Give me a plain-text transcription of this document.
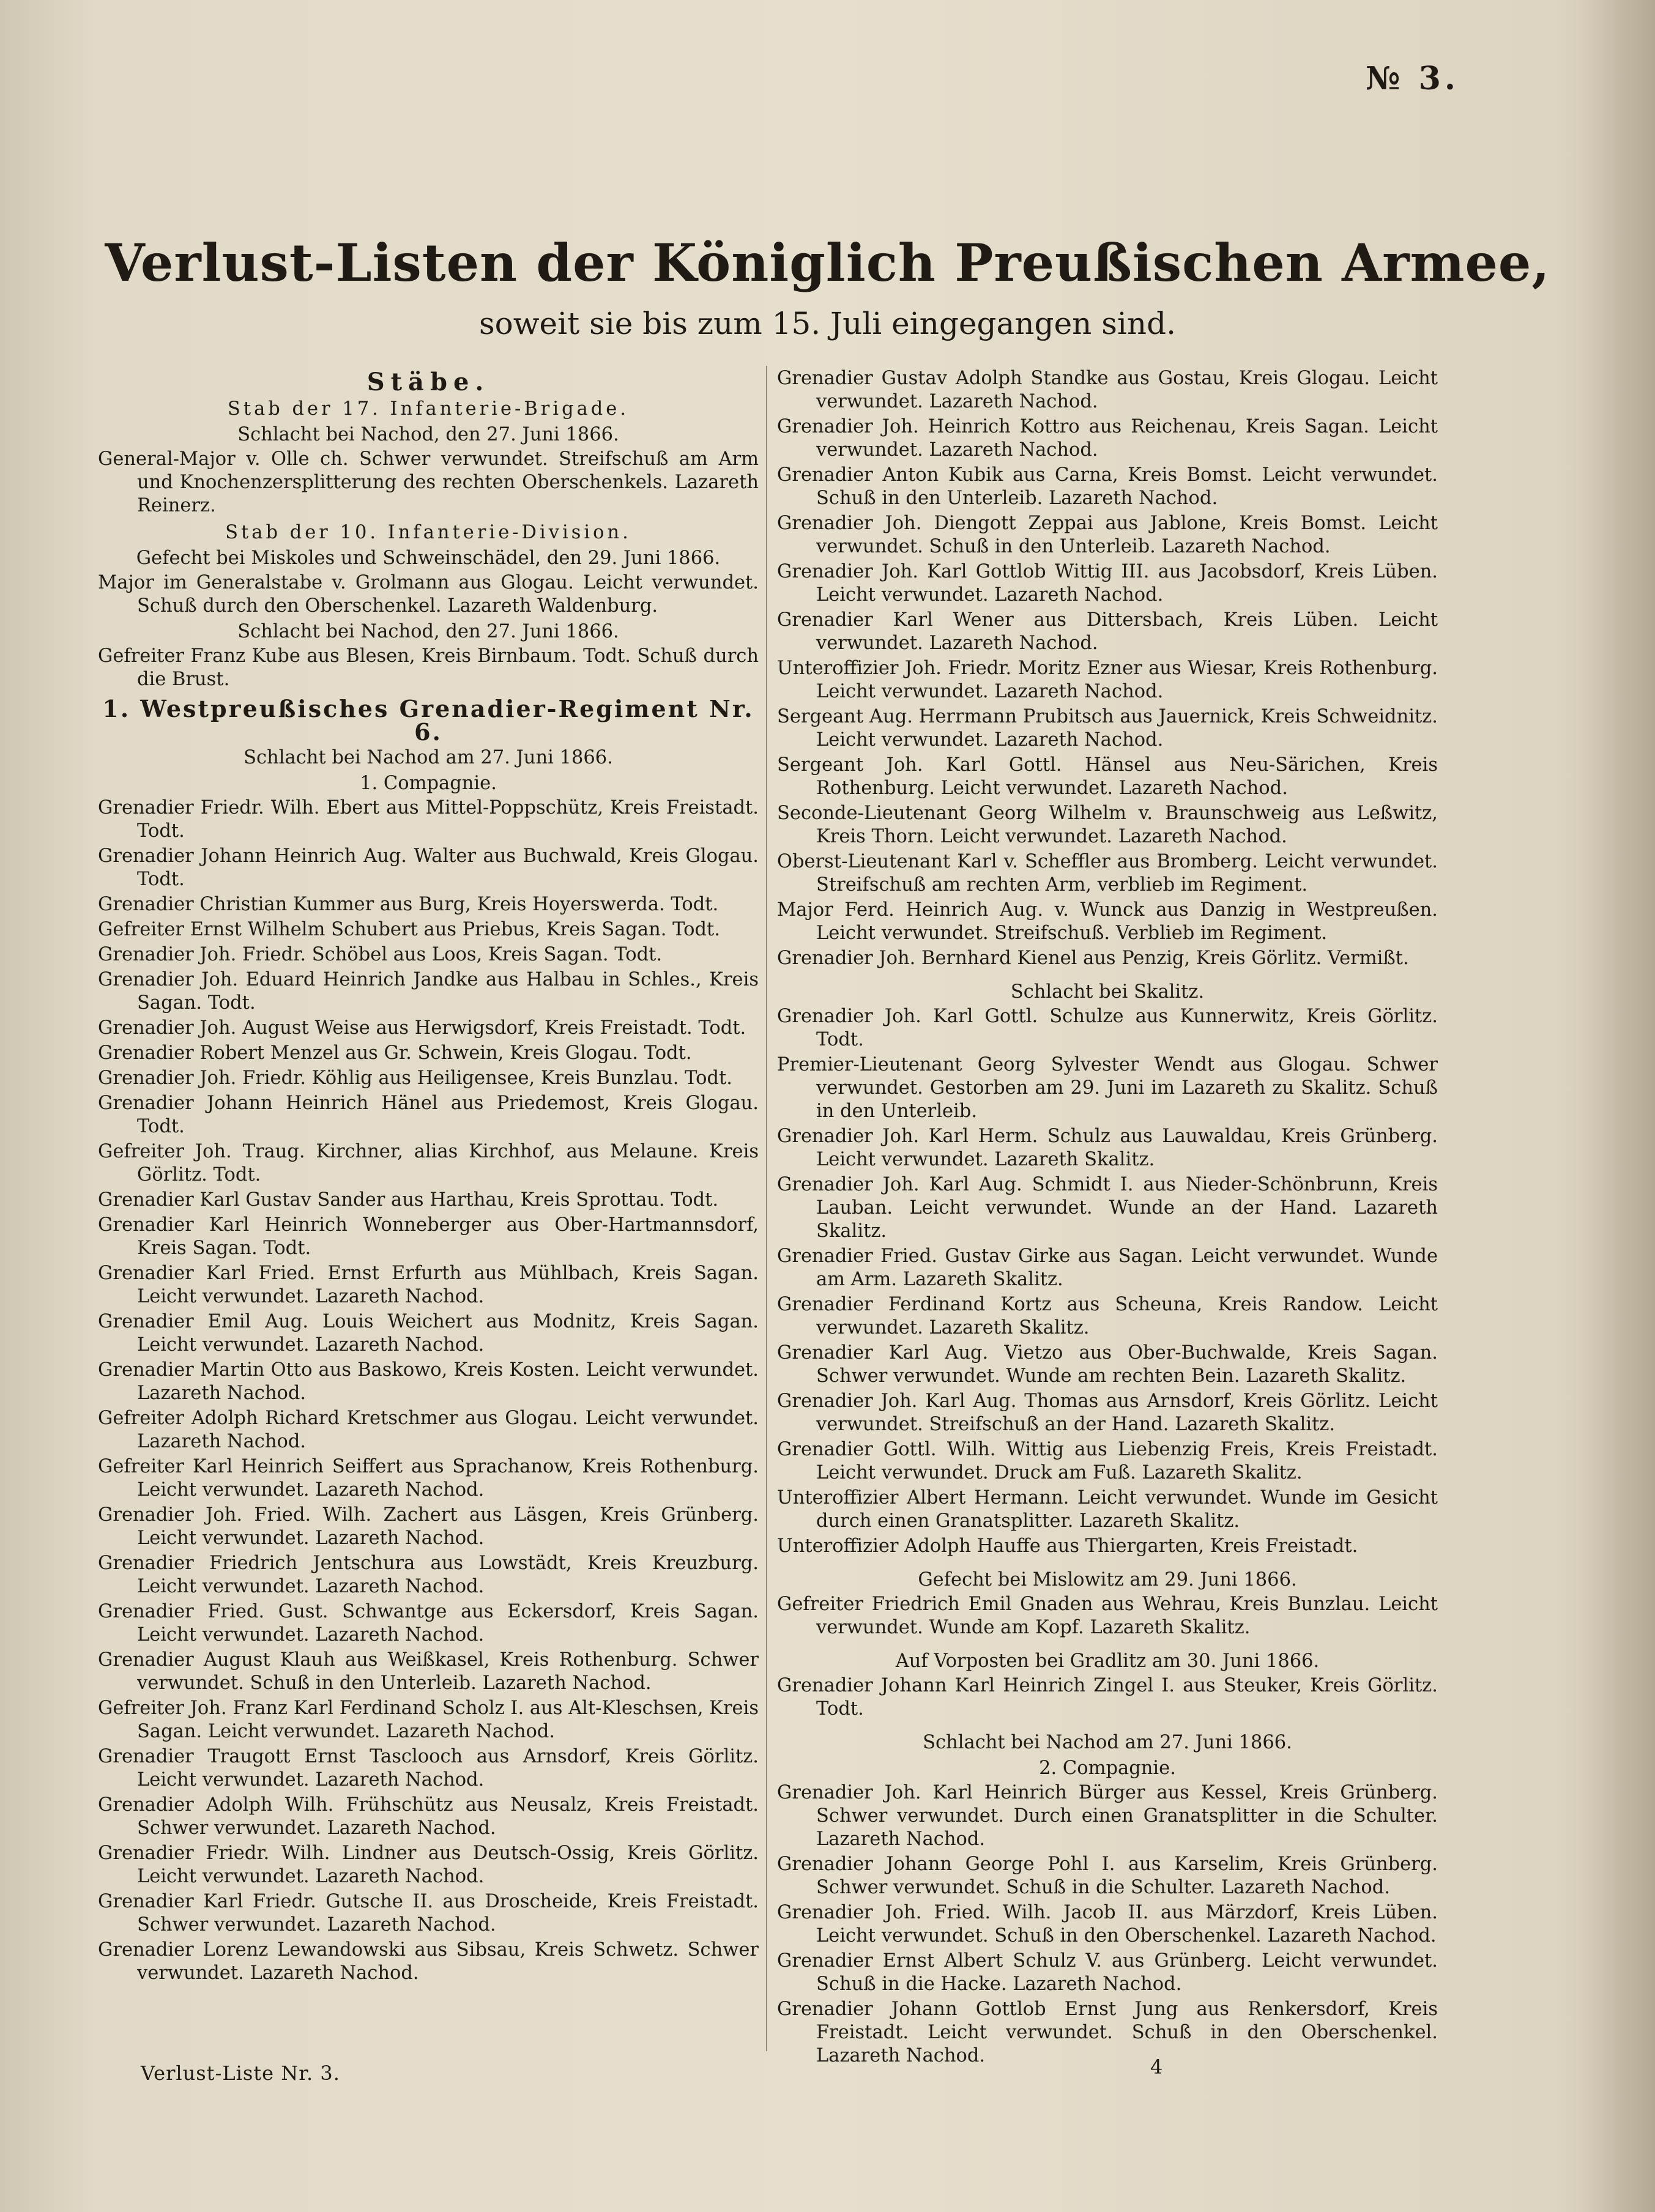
№ 3.
Verlust-Listen der Königlich Preußischen Armee,
soweit sie bis zum 15. Juli eingegangen sind.
Stäbe.
Stab der 17. Infanterie-Brigade.
Schlacht bei Nachod, den 27. Juni 1866.
General-Major v. Olle ch. Schwer verwundet. Streifschuß am Arm und Knochenzersplitterung des rechten Oberschenkels. Lazareth Reinerz.
Stab der 10. Infanterie-Division.
Gefecht bei Miskoles und Schweinschädel, den 29. Juni 1866.
Major im Generalstabe v. Grolmann aus Glogau. Leicht verwundet. Schuß durch den Oberschenkel. Lazareth Waldenburg.
Schlacht bei Nachod, den 27. Juni 1866.
Gefreiter Franz Kube aus Blesen, Kreis Birnbaum. Todt. Schuß durch die Brust.
1. Westpreußisches Grenadier-Regiment Nr. 6.
Schlacht bei Nachod am 27. Juni 1866.
1. Compagnie.
Grenadier Friedr. Wilh. Ebert aus Mittel-Poppschütz, Kreis Freistadt. Todt.
Grenadier Johann Heinrich Aug. Walter aus Buchwald, Kreis Glogau. Todt.
Grenadier Christian Kummer aus Burg, Kreis Hoyerswerda. Todt.
Gefreiter Ernst Wilhelm Schubert aus Priebus, Kreis Sagan. Todt.
Grenadier Joh. Friedr. Schöbel aus Loos, Kreis Sagan. Todt.
Grenadier Joh. Eduard Heinrich Jandke aus Halbau in Schles., Kreis Sagan. Todt.
Grenadier Joh. August Weise aus Herwigsdorf, Kreis Freistadt. Todt.
Grenadier Robert Menzel aus Gr. Schwein, Kreis Glogau. Todt.
Grenadier Joh. Friedr. Köhlig aus Heiligensee, Kreis Bunzlau. Todt.
Grenadier Johann Heinrich Hänel aus Priedemost, Kreis Glogau. Todt.
Gefreiter Joh. Traug. Kirchner, alias Kirchhof, aus Melaune. Kreis Görlitz. Todt.
Grenadier Karl Gustav Sander aus Harthau, Kreis Sprottau. Todt.
Grenadier Karl Heinrich Wonneberger aus Ober-Hartmannsdorf, Kreis Sagan. Todt.
Grenadier Karl Fried. Ernst Erfurth aus Mühlbach, Kreis Sagan. Leicht verwundet. Lazareth Nachod.
Grenadier Emil Aug. Louis Weichert aus Modnitz, Kreis Sagan. Leicht verwundet. Lazareth Nachod.
Grenadier Martin Otto aus Baskowo, Kreis Kosten. Leicht verwundet. Lazareth Nachod.
Gefreiter Adolph Richard Kretschmer aus Glogau. Leicht verwundet. Lazareth Nachod.
Gefreiter Karl Heinrich Seiffert aus Sprachanow, Kreis Rothenburg. Leicht verwundet. Lazareth Nachod.
Grenadier Joh. Fried. Wilh. Zachert aus Läsgen, Kreis Grünberg. Leicht verwundet. Lazareth Nachod.
Grenadier Friedrich Jentschura aus Lowstädt, Kreis Kreuzburg. Leicht verwundet. Lazareth Nachod.
Grenadier Fried. Gust. Schwantge aus Eckersdorf, Kreis Sagan. Leicht verwundet. Lazareth Nachod.
Grenadier August Klauh aus Weißkasel, Kreis Rothenburg. Schwer verwundet. Schuß in den Unterleib. Lazareth Nachod.
Gefreiter Joh. Franz Karl Ferdinand Scholz I. aus Alt-Kleschsen, Kreis Sagan. Leicht verwundet. Lazareth Nachod.
Grenadier Traugott Ernst Tasclooch aus Arnsdorf, Kreis Görlitz. Leicht verwundet. Lazareth Nachod.
Grenadier Adolph Wilh. Frühschütz aus Neusalz, Kreis Freistadt. Schwer verwundet. Lazareth Nachod.
Grenadier Friedr. Wilh. Lindner aus Deutsch-Ossig, Kreis Görlitz. Leicht verwundet. Lazareth Nachod.
Grenadier Karl Friedr. Gutsche II. aus Droscheide, Kreis Freistadt. Schwer verwundet. Lazareth Nachod.
Grenadier Lorenz Lewandowski aus Sibsau, Kreis Schwetz. Schwer verwundet. Lazareth Nachod.
Grenadier Gustav Adolph Standke aus Gostau, Kreis Glogau. Leicht verwundet. Lazareth Nachod.
Grenadier Joh. Heinrich Kottro aus Reichenau, Kreis Sagan. Leicht verwundet. Lazareth Nachod.
Grenadier Anton Kubik aus Carna, Kreis Bomst. Leicht verwundet. Schuß in den Unterleib. Lazareth Nachod.
Grenadier Joh. Diengott Zeppai aus Jablone, Kreis Bomst. Leicht verwundet. Schuß in den Unterleib. Lazareth Nachod.
Grenadier Joh. Karl Gottlob Wittig III. aus Jacobsdorf, Kreis Lüben. Leicht verwundet. Lazareth Nachod.
Grenadier Karl Wener aus Dittersbach, Kreis Lüben. Leicht verwundet. Lazareth Nachod.
Unteroffizier Joh. Friedr. Moritz Ezner aus Wiesar, Kreis Rothenburg. Leicht verwundet. Lazareth Nachod.
Sergeant Aug. Herrmann Prubitsch aus Jauernick, Kreis Schweidnitz. Leicht verwundet. Lazareth Nachod.
Sergeant Joh. Karl Gottl. Hänsel aus Neu-Särichen, Kreis Rothenburg. Leicht verwundet. Lazareth Nachod.
Seconde-Lieutenant Georg Wilhelm v. Braunschweig aus Leßwitz, Kreis Thorn. Leicht verwundet. Lazareth Nachod.
Oberst-Lieutenant Karl v. Scheffler aus Bromberg. Leicht verwundet. Streifschuß am rechten Arm, verblieb im Regiment.
Major Ferd. Heinrich Aug. v. Wunck aus Danzig in Westpreußen. Leicht verwundet. Streifschuß. Verblieb im Regiment.
Grenadier Joh. Bernhard Kienel aus Penzig, Kreis Görlitz. Vermißt.
Schlacht bei Skalitz.
Grenadier Joh. Karl Gottl. Schulze aus Kunnerwitz, Kreis Görlitz. Todt.
Premier-Lieutenant Georg Sylvester Wendt aus Glogau. Schwer verwundet. Gestorben am 29. Juni im Lazareth zu Skalitz. Schuß in den Unterleib.
Grenadier Joh. Karl Herm. Schulz aus Lauwaldau, Kreis Grünberg. Leicht verwundet. Lazareth Skalitz.
Grenadier Joh. Karl Aug. Schmidt I. aus Nieder-Schönbrunn, Kreis Lauban. Leicht verwundet. Wunde an der Hand. Lazareth Skalitz.
Grenadier Fried. Gustav Girke aus Sagan. Leicht verwundet. Wunde am Arm. Lazareth Skalitz.
Grenadier Ferdinand Kortz aus Scheuna, Kreis Randow. Leicht verwundet. Lazareth Skalitz.
Grenadier Karl Aug. Vietzo aus Ober-Buchwalde, Kreis Sagan. Schwer verwundet. Wunde am rechten Bein. Lazareth Skalitz.
Grenadier Joh. Karl Aug. Thomas aus Arnsdorf, Kreis Görlitz. Leicht verwundet. Streifschuß an der Hand. Lazareth Skalitz.
Grenadier Gottl. Wilh. Wittig aus Liebenzig Freis, Kreis Freistadt. Leicht verwundet. Druck am Fuß. Lazareth Skalitz.
Unteroffizier Albert Hermann. Leicht verwundet. Wunde im Gesicht durch einen Granatsplitter. Lazareth Skalitz.
Unteroffizier Adolph Hauffe aus Thiergarten, Kreis Freistadt.
Gefecht bei Mislowitz am 29. Juni 1866.
Gefreiter Friedrich Emil Gnaden aus Wehrau, Kreis Bunzlau. Leicht verwundet. Wunde am Kopf. Lazareth Skalitz.
Auf Vorposten bei Gradlitz am 30. Juni 1866.
Grenadier Johann Karl Heinrich Zingel I. aus Steuker, Kreis Görlitz. Todt.
Schlacht bei Nachod am 27. Juni 1866.
2. Compagnie.
Grenadier Joh. Karl Heinrich Bürger aus Kessel, Kreis Grünberg. Schwer verwundet. Durch einen Granatsplitter in die Schulter. Lazareth Nachod.
Grenadier Johann George Pohl I. aus Karselim, Kreis Grünberg. Schwer verwundet. Schuß in die Schulter. Lazareth Nachod.
Grenadier Joh. Fried. Wilh. Jacob II. aus Märzdorf, Kreis Lüben. Leicht verwundet. Schuß in den Oberschenkel. Lazareth Nachod.
Grenadier Ernst Albert Schulz V. aus Grünberg. Leicht verwundet. Schuß in die Hacke. Lazareth Nachod.
Grenadier Johann Gottlob Ernst Jung aus Renkersdorf, Kreis Freistadt. Leicht verwundet. Schuß in den Oberschenkel. Lazareth Nachod.
Verlust-Liste Nr. 3.	4
